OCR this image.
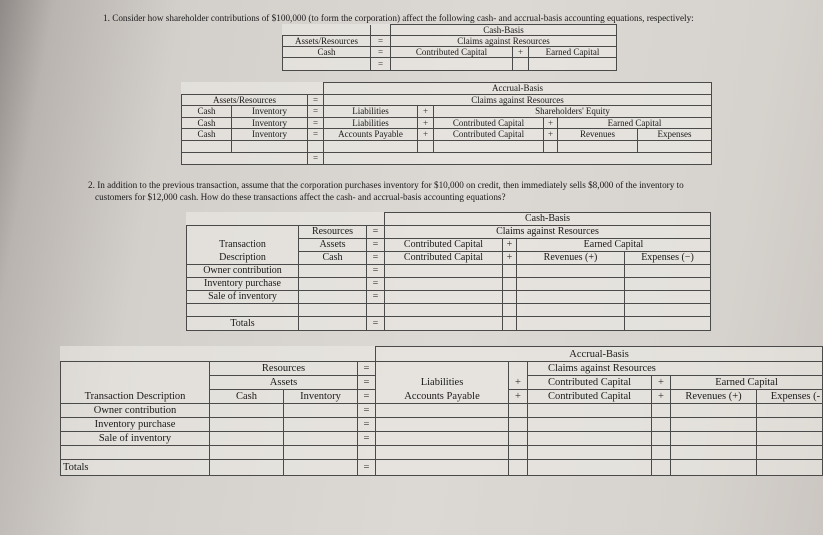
1. Consider how shareholder contributions of $100,000 (to form the corporation) affect the following cash- and accrual-basis accounting equations, respectively:
		Cash-Basis		
Assets/Resources	=	Claims against Resources		
Cash	=	Contributed Capital	+	Earned Capital
	=			
			Accrual-Basis					
Assets/Resources		=	Claims against Resources					
Cash	Inventory	=	Liabilities	+	Shareholders' Equity			
Cash	Inventory	=	Liabilities	+	Contributed Capital	+	Earned Capital	
Cash	Inventory	=	Accounts Payable	+	Contributed Capital	+	Revenues	Expenses

		=						
2. In addition to the previous transaction, assume that the corporation purchases inventory for $10,000 on credit, then immediately sells $8,000 of the inventory to
customers for $12,000 cash. How do these transactions affect the cash- and accrual-basis accounting equations?
			Cash-Basis			
	Resources	=	Claims against Resources			
Transaction	Assets	=	Contributed Capital	+	Earned Capital	
Description	Cash	=	Contributed Capital	+	Revenues (+)	Expenses (−)
Owner contribution		=				
Inventory purchase		=				
Sale of inventory		=				

Totals		=				
				Accrual-Basis					
	Resources		=			Claims against Resources			
	Assets		=	Liabilities	+	Contributed Capital	+	Earned Capital	
Transaction Description	Cash	Inventory	=	Accounts Payable	+	Contributed Capital	+	Revenues (+)	Expenses (-
Owner contribution			=						
Inventory purchase			=						
Sale of inventory			=						

Totals			=						
